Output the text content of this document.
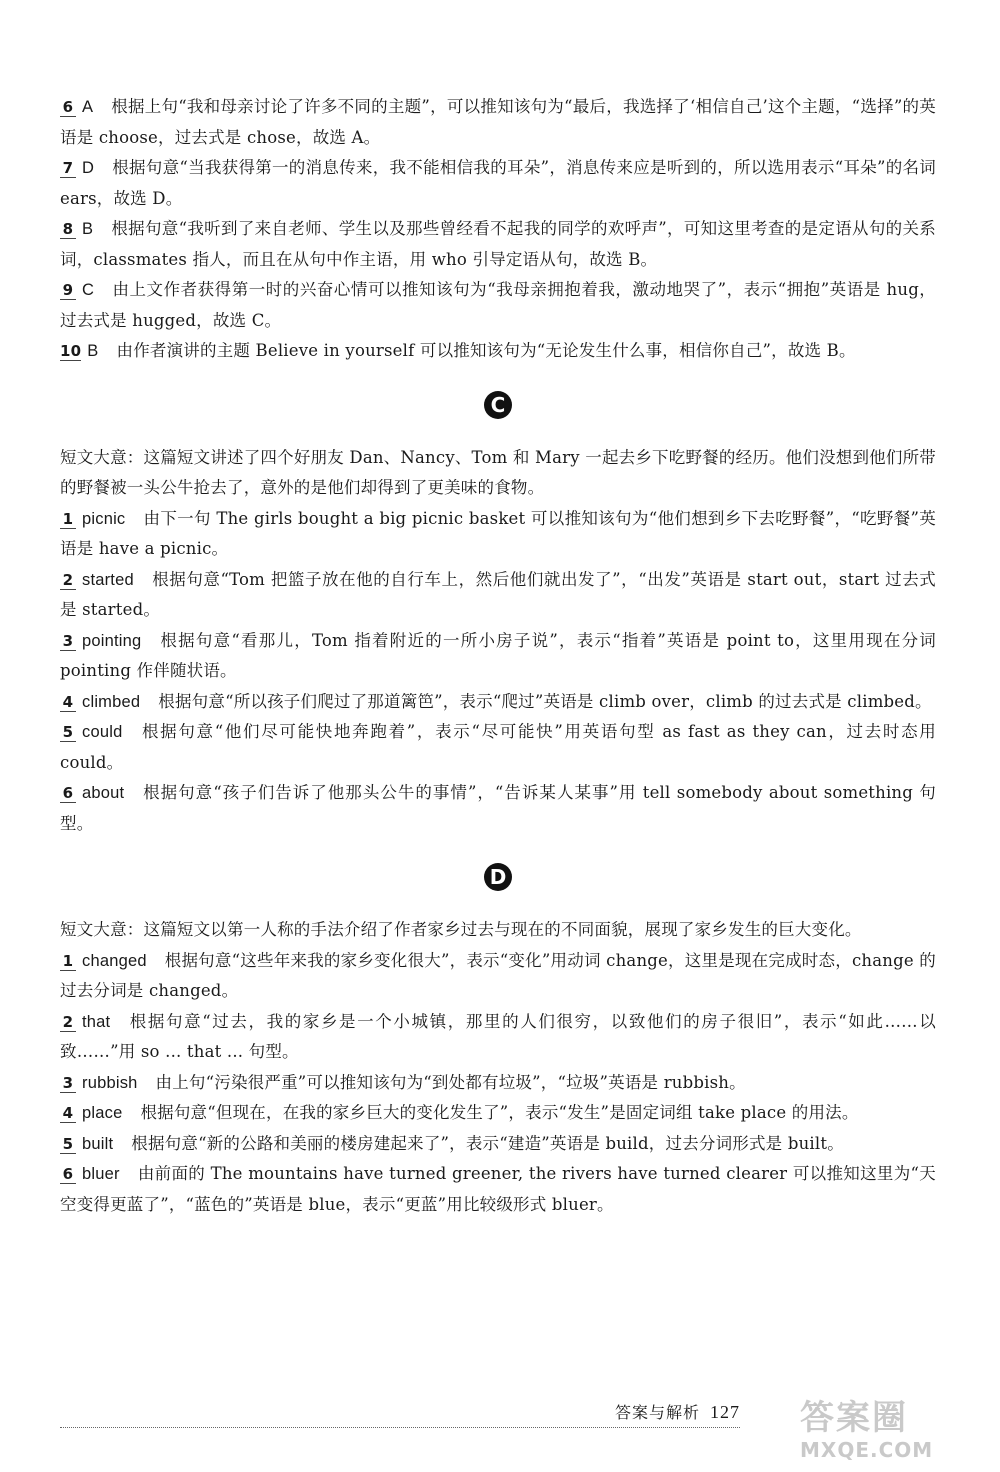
6 A 根据上句“我和母亲讨论了许多不同的主题”，可以推知该句为“最后，我选择了‘相信自己’这个主题，“选择”的英语是 choose，过去式是 chose，故选 A。

7 D 根据句意“当我获得第一的消息传来，我不能相信我的耳朵”，消息传来应是听到的，所以选用表示“耳朵”的名词 ears，故选 D。

8 B 根据句意“我听到了来自老师、学生以及那些曾经看不起我的同学的欢呼声”，可知这里考查的是定语从句的关系词，classmates 指人，而且在从句中作主语，用 who 引导定语从句，故选 B。

9 C 由上文作者获得第一时的兴奋心情可以推知该句为“我母亲拥抱着我，激动地哭了”，表示“拥抱”英语是 hug，过去式是 hugged，故选 C。

10 B 由作者演讲的主题 Believe in yourself 可以推知该句为“无论发生什么事，相信你自己”，故选 B。

C

短文大意：这篇短文讲述了四个好朋友 Dan、Nancy、Tom 和 Mary 一起去乡下吃野餐的经历。他们没想到他们所带的野餐被一头公牛抢去了，意外的是他们却得到了更美味的食物。

1 picnic 由下一句 The girls bought a big picnic basket 可以推知该句为“他们想到乡下去吃野餐”，“吃野餐”英语是 have a picnic。

2 started 根据句意“Tom 把篮子放在他的自行车上，然后他们就出发了”，“出发”英语是 start out，start 过去式是 started。

3 pointing 根据句意“看那儿，Tom 指着附近的一所小房子说”，表示“指着”英语是 point to，这里用现在分词 pointing 作伴随状语。

4 climbed 根据句意“所以孩子们爬过了那道篱笆”，表示“爬过”英语是 climb over，climb 的过去式是 climbed。

5 could 根据句意“他们尽可能快地奔跑着”，表示“尽可能快”用英语句型 as fast as they can，过去时态用 could。

6 about 根据句意“孩子们告诉了他那头公牛的事情”，“告诉某人某事”用 tell somebody about something 句型。

D

短文大意：这篇短文以第一人称的手法介绍了作者家乡过去与现在的不同面貌，展现了家乡发生的巨大变化。

1 changed 根据句意“这些年来我的家乡变化很大”，表示“变化”用动词 change，这里是现在完成时态，change 的过去分词是 changed。

2 that 根据句意“过去，我的家乡是一个小城镇，那里的人们很穷，以致他们的房子很旧”，表示“如此……以致……”用 so ... that ... 句型。

3 rubbish 由上句“污染很严重”可以推知该句为“到处都有垃圾”，“垃圾”英语是 rubbish。

4 place 根据句意“但现在，在我的家乡巨大的变化发生了”，表示“发生”是固定词组 take place 的用法。

5 built 根据句意“新的公路和美丽的楼房建起来了”，表示“建造”英语是 build，过去分词形式是 built。

6 bluer 由前面的 The mountains have turned greener, the rivers have turned clearer 可以推知这里为“天空变得更蓝了”，“蓝色的”英语是 blue，表示“更蓝”用比较级形式 bluer。

答案与解析 127 答案圈
MXQE.COM
